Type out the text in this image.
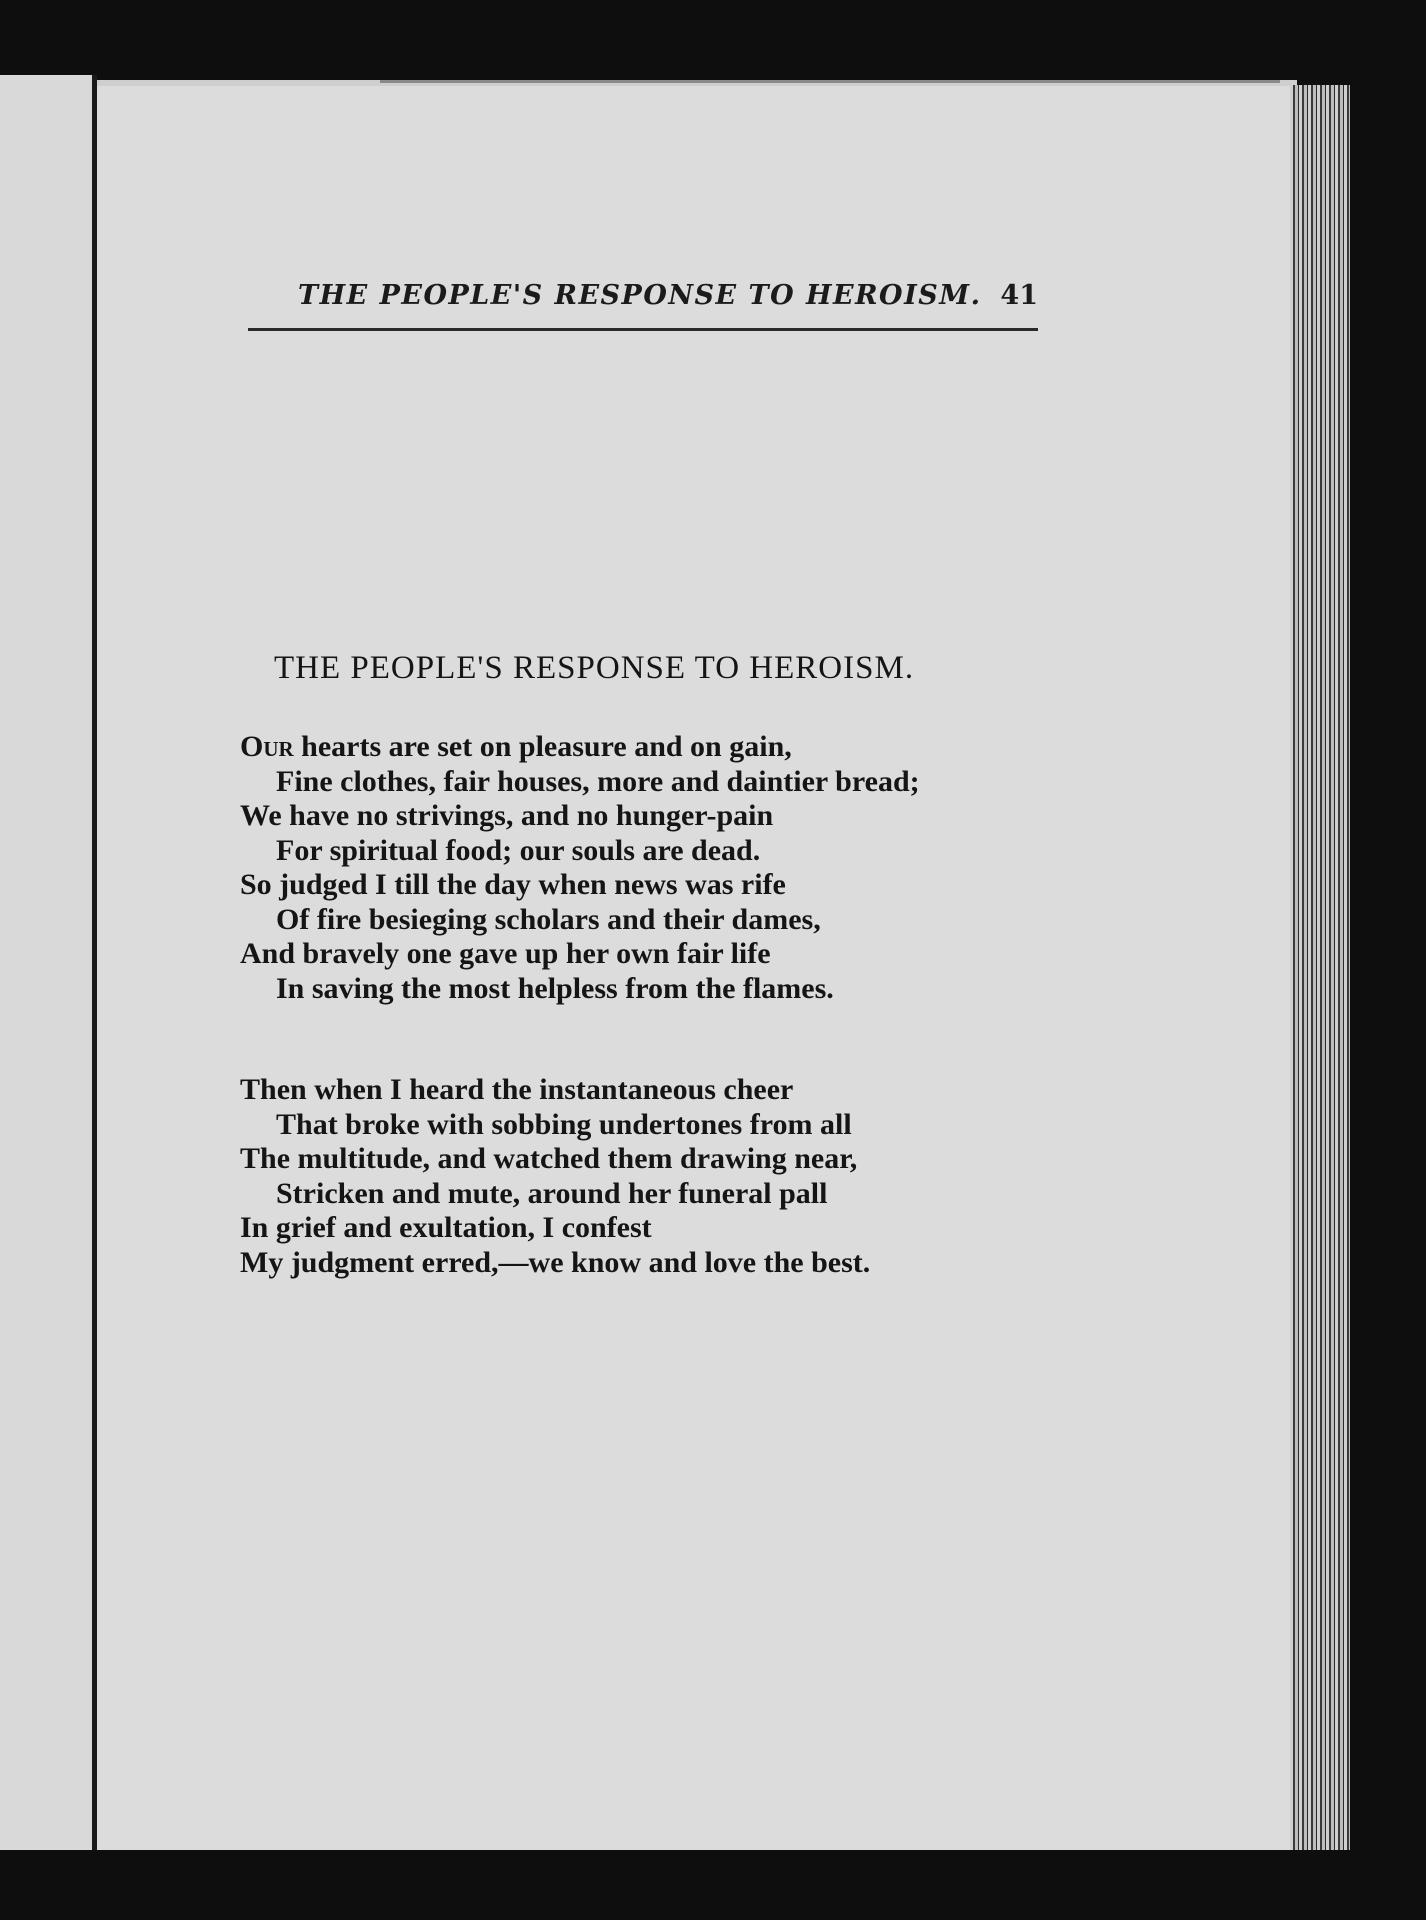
THE PEOPLE'S RESPONSE TO HEROISM. 41
THE PEOPLE'S RESPONSE TO HEROISM.
Our hearts are set on pleasure and on gain,
Fine clothes, fair houses, more and daintier bread;
We have no strivings, and no hunger-pain
For spiritual food; our souls are dead.
So judged I till the day when news was rife
Of fire besieging scholars and their dames,
And bravely one gave up her own fair life
In saving the most helpless from the flames.
Then when I heard the instantaneous cheer
That broke with sobbing undertones from all
The multitude, and watched them drawing near,
Stricken and mute, around her funeral pall
In grief and exultation, I confest
My judgment erred,—we know and love the best.
